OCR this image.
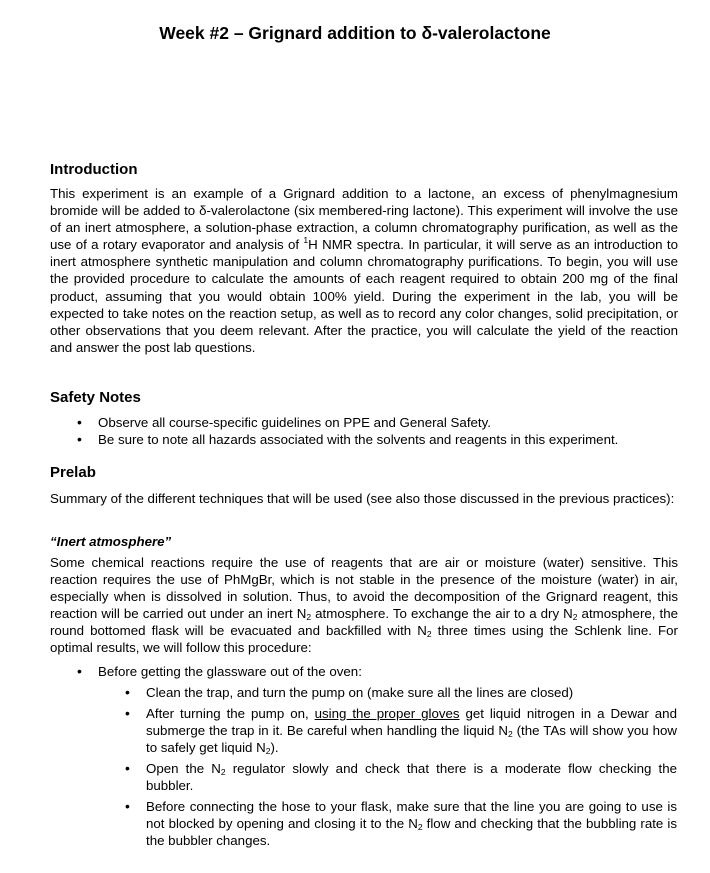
Week #2 – Grignard addition to δ-valerolactone
Introduction
This experiment is an example of a Grignard addition to a lactone, an excess of phenylmagnesium bromide will be added to δ-valerolactone (six membered-ring lactone). This experiment will involve the use of an inert atmosphere, a solution-phase extraction, a column chromatography purification, as well as the use of a rotary evaporator and analysis of $^1$H NMR spectra. In particular, it will serve as an introduction to inert atmosphere synthetic manipulation and column chromatography purifications. To begin, you will use the provided procedure to calculate the amounts of each reagent required to obtain 200 mg of the final product, assuming that you would obtain 100% yield. During the experiment in the lab, you will be expected to take notes on the reaction setup, as well as to record any color changes, solid precipitation, or other observations that you deem relevant. After the practice, you will calculate the yield of the reaction and answer the post lab questions.
Safety Notes
• Observe all course-specific guidelines on PPE and General Safety.
• Be sure to note all hazards associated with the solvents and reagents in this experiment.
Prelab
Summary of the different techniques that will be used (see also those discussed in the previous practices):
“Inert atmosphere”
Some chemical reactions require the use of reagents that are air or moisture (water) sensitive. This reaction requires the use of PhMgBr, which is not stable in the presence of the moisture (water) in air, especially when is dissolved in solution. Thus, to avoid the decomposition of the Grignard reagent, this reaction will be carried out under an inert $N_2$ atmosphere. To exchange the air to a dry $N_2$ atmosphere, the round bottomed flask will be evacuated and backfilled with $N_2$ three times using the Schlenk line. For optimal results, we will follow this procedure:
• Before getting the glassware out of the oven:
• Clean the trap, and turn the pump on (make sure all the lines are closed)
• After turning the pump on, using the proper gloves get liquid nitrogen in a Dewar and submerge the trap in it. Be careful when handling the liquid $N_2$ (the TAs will show you how to safely get liquid $N_2$).
• Open the $N_2$ regulator slowly and check that there is a moderate flow checking the bubbler.
• Before connecting the hose to your flask, make sure that the line you are going to use is not blocked by opening and closing it to the $N_2$ flow and checking that the bubbling rate is the bubbler changes.
